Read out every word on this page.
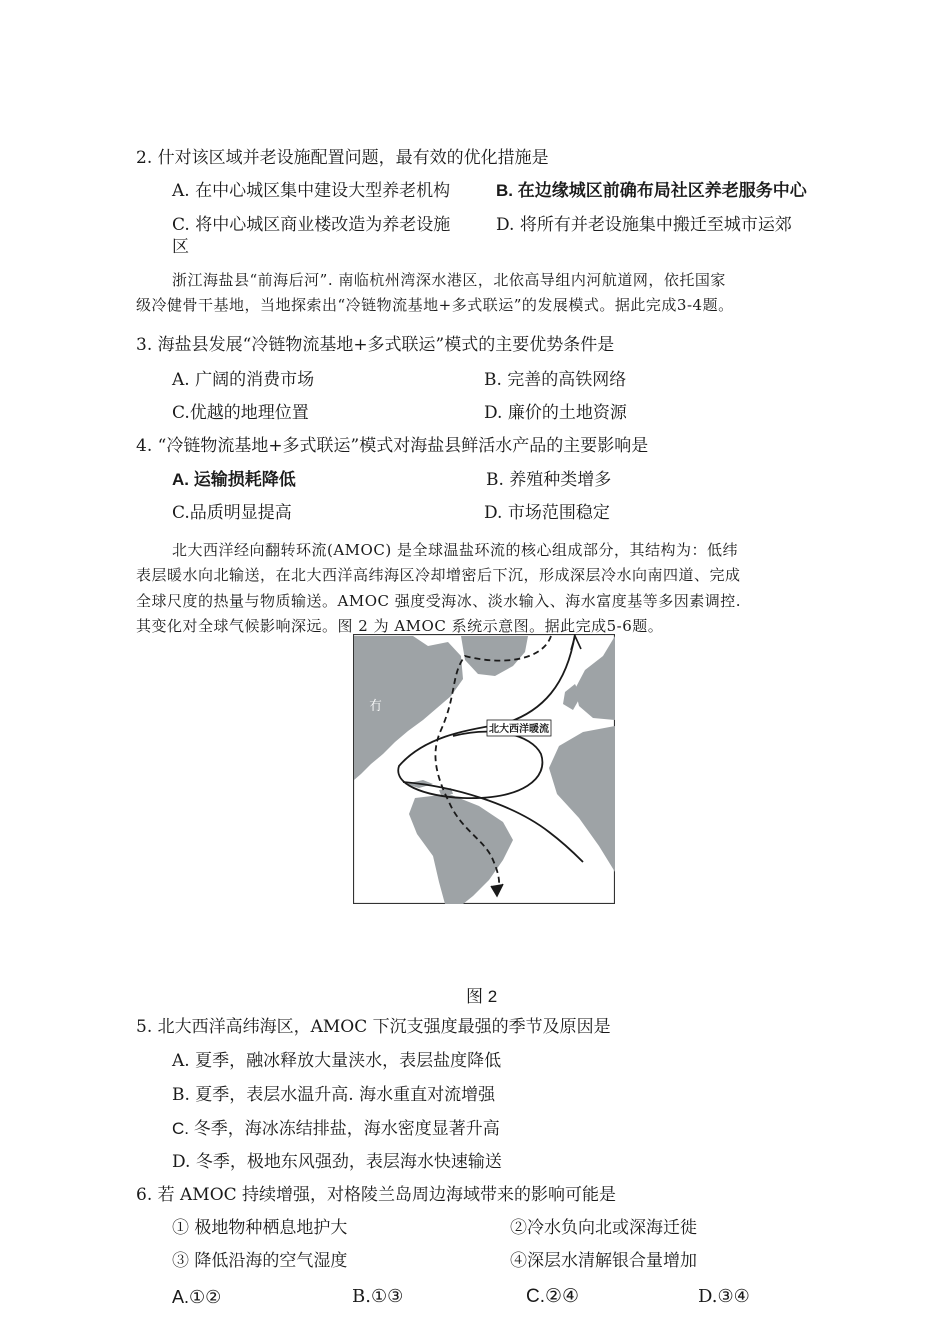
2. 什对该区域并老设施配置问题，最有效的优化措施是
A. 在中心城区集中建设大型养老机构	B. 在边缘城区前确布局社区养老服务中心
C. 将中心城区商业楼改造为养老设施
区
D. 将所有并老设施集中搬迁至城市运郊
浙江海盐县“前海后河”. 南临杭州湾深水港区，北依高导组内河航道网，依托国家
级冷健骨干基地，当地探索出“冷链物流基地+多式联运”的发展模式。据此完成3-4题。
3. 海盐县发展“冷链物流基地+多式联运”模式的主要优势条件是
A. 广阔的消费市场	B. 完善的高铁网络
C.优越的地理位置	D. 廉价的土地资源
4. “冷链物流基地+多式联运”模式对海盐县鲜活水产品的主要影响是
A. 运输损耗降低	B. 养殖种类增多
C.品质明显提高	D. 市场范围稳定
北大西洋经向翻转环流(AMOC) 是全球温盐环流的核心组成部分，其结构为：低纬
表层暖水向北输送，在北大西洋高纬海区冷却增密后下沉，形成深层冷水向南四道、完成
全球尺度的热量与物质输送。AMOC 强度受海冰、淡水输入、海水富度基等多因素调控.
其变化对全球气候影响深远。图 2 为 AMOC 系统示意图。据此完成5-6题。
北大西洋暖流
冇
图 2
5. 北大西洋高纬海区，AMOC 下沉支强度最强的季节及原因是
A. 夏季，融冰释放大量浃水，表层盐度降低
B. 夏季，表层水温升高. 海水重直对流增强
C. 冬季，海冰冻结排盐，海水密度显著升高
D. 冬季，极地东风强劲，表层海水快速输送
6. 若 AMOC 持续增强，对格陵兰岛周边海域带来的影响可能是
① 极地物种栖息地护大	②冷水负向北或深海迁徙
③ 降低沿海的空气湿度	④深层水清解银合量增加
A.①②	B.①③	C.②④	D.③④
